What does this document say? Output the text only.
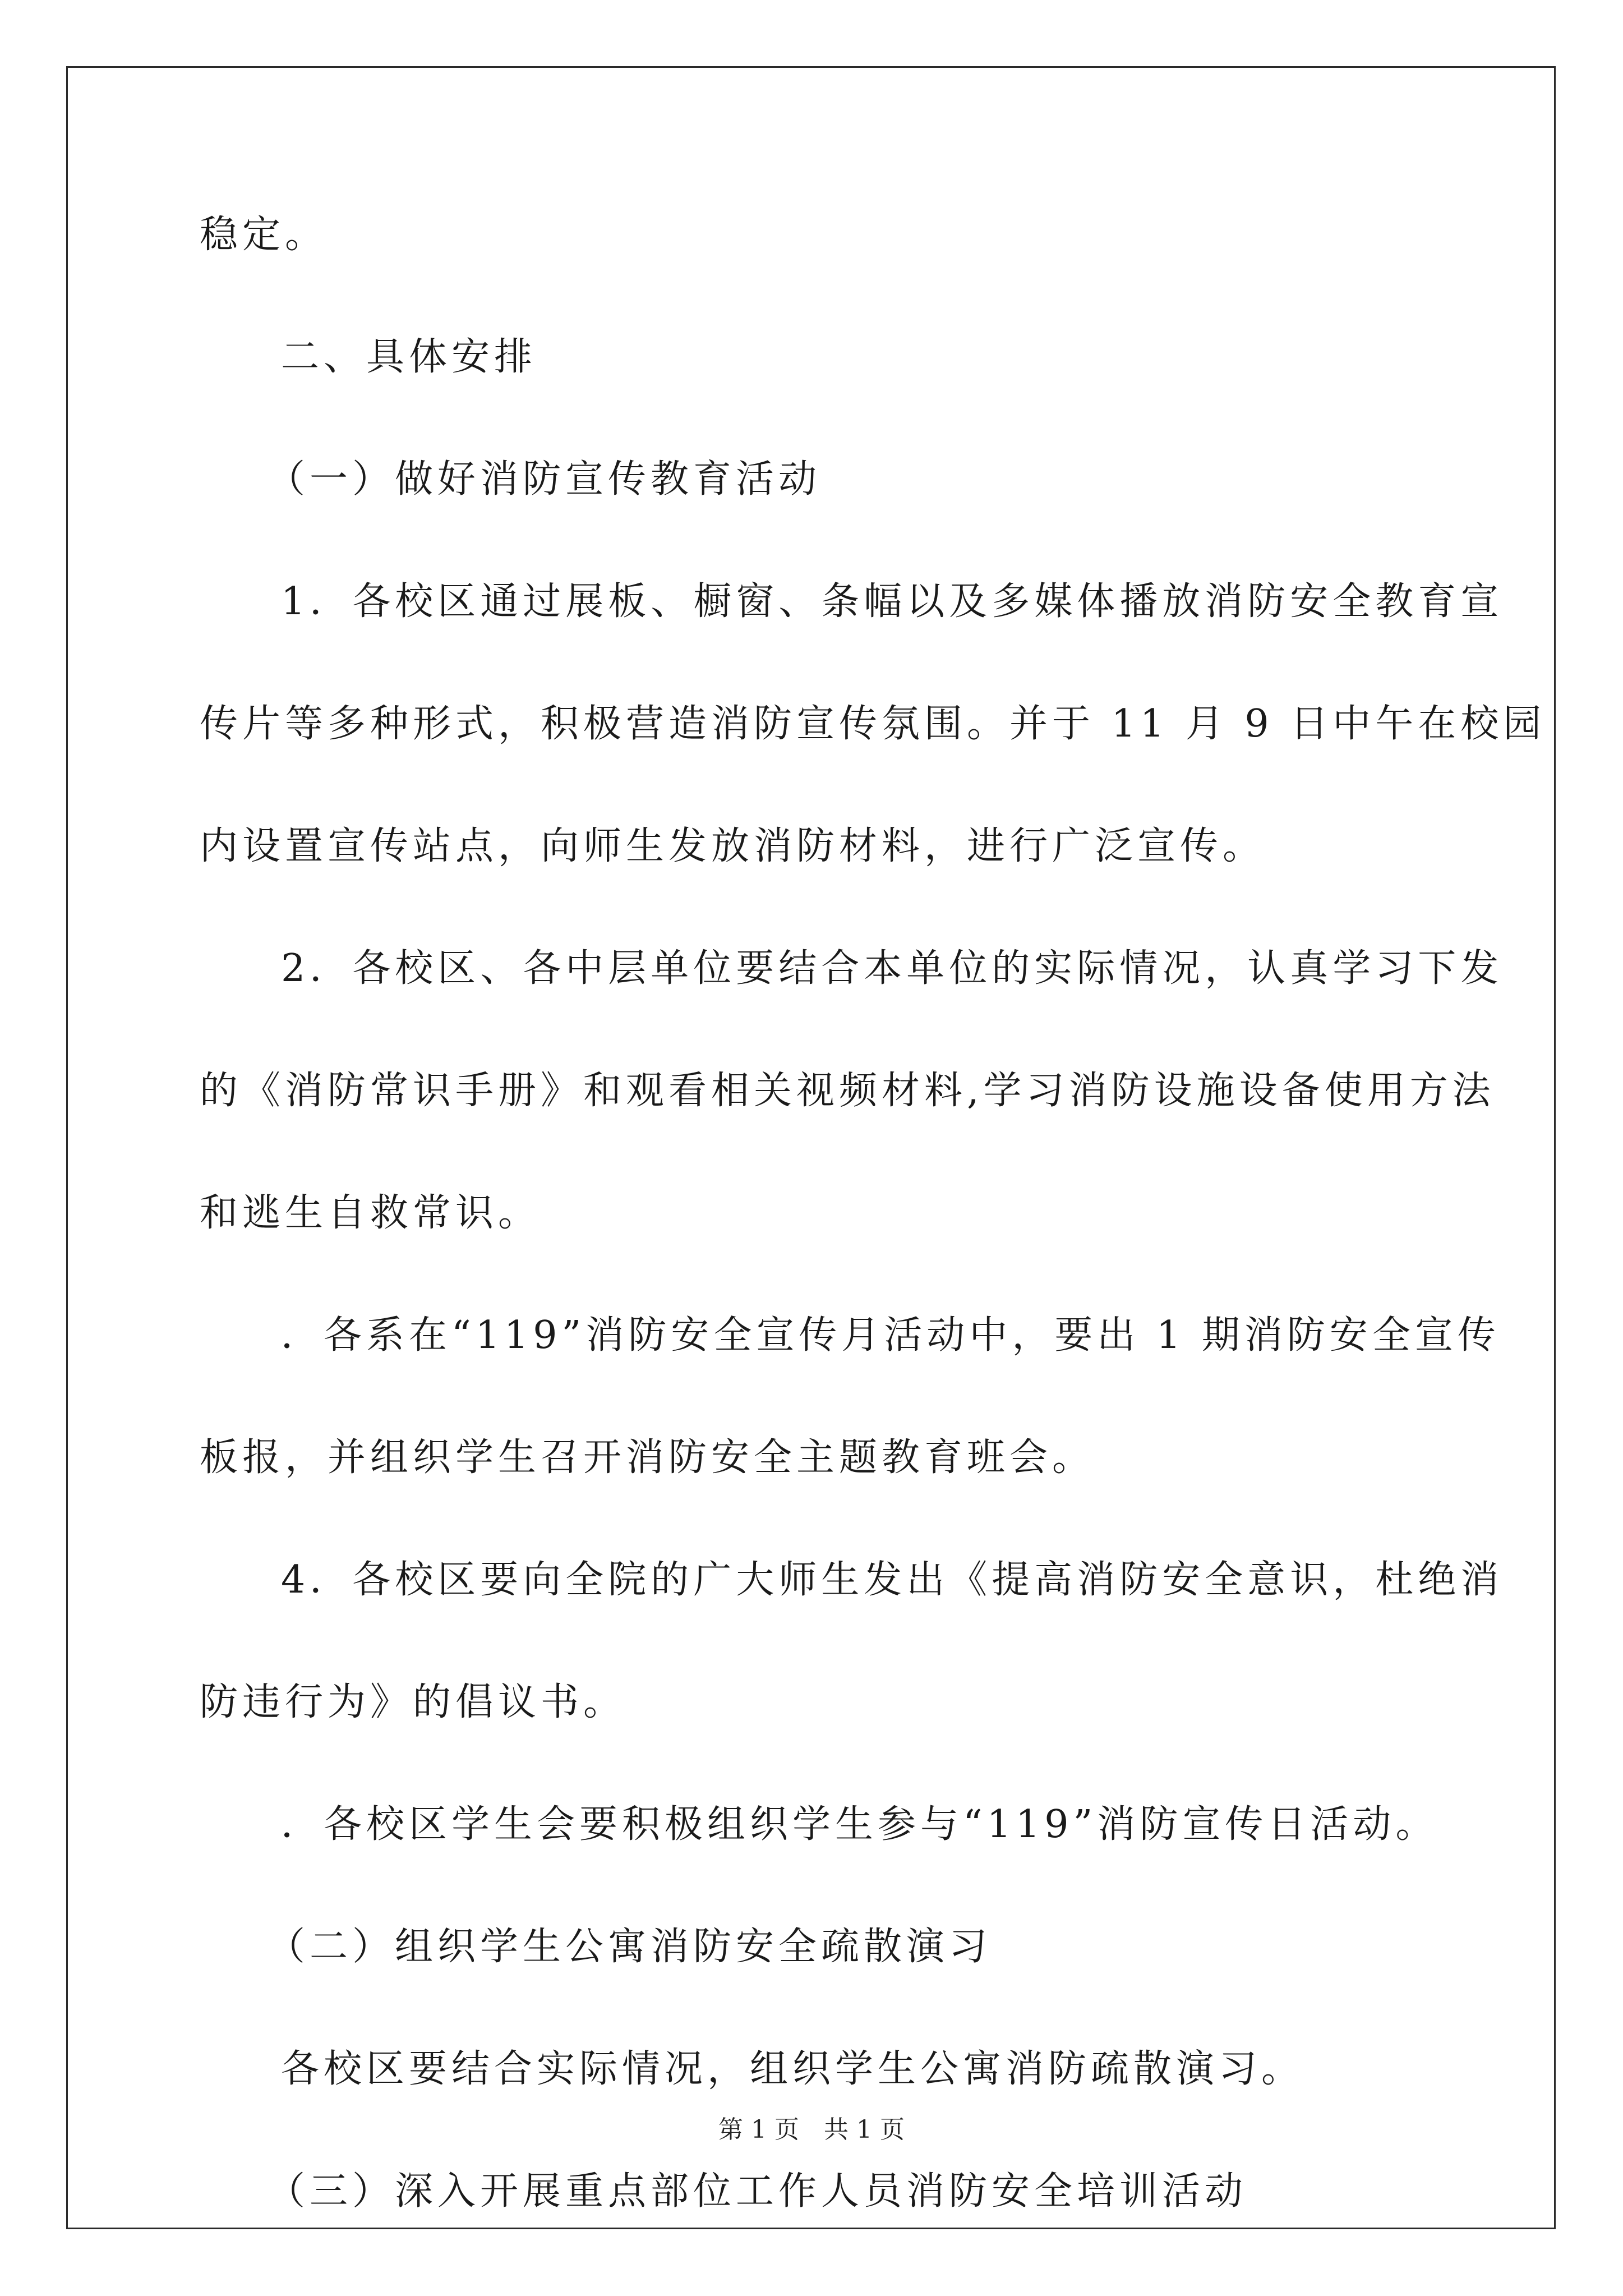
稳定。
二、具体安排
（一）做好消防宣传教育活动
1．各校区通过展板、橱窗、条幅以及多媒体播放消防安全教育宣
传片等多种形式，积极营造消防宣传氛围。并于 11 月 9 日中午在校园
内设置宣传站点，向师生发放消防材料，进行广泛宣传。
2．各校区、各中层单位要结合本单位的实际情况，认真学习下发
的《消防常识手册》和观看相关视频材料,学习消防设施设备使用方法
和逃生自救常识。
．各系在“119”消防安全宣传月活动中，要出 1 期消防安全宣传
板报，并组织学生召开消防安全主题教育班会。
4．各校区要向全院的广大师生发出《提高消防安全意识，杜绝消
防违行为》的倡议书。
．各校区学生会要积极组织学生参与“119”消防宣传日活动。
（二）组织学生公寓消防安全疏散演习
各校区要结合实际情况，组织学生公寓消防疏散演习。
（三）深入开展重点部位工作人员消防安全培训活动
第 1 页　共 1 页
